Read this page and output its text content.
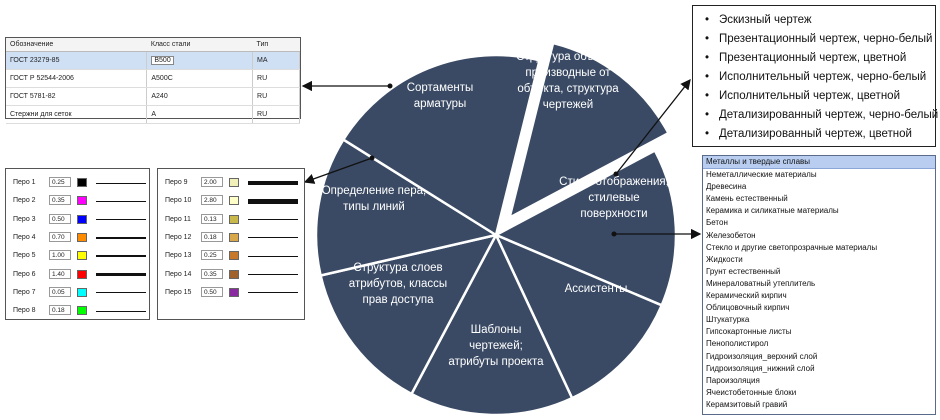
Структура объекта, производные от объекта, структура чертежей
Стили отображения, стилевые поверхности
Ассистенты
Шаблоны чертежей; атрибуты проекта
Структура слоев атрибутов, классы прав доступа
Определение пера, типы линий
Сортаменты арматуры
Обозначение	Класс стали	Тип
ГОСТ 23279-85	B500	MA
ГОСТ Р 52544-2006	A500C	RU
ГОСТ 5781-82	A240	RU
Стержни для сеток	A	RU
Перо 1	0.25
Перо 2	0.35
Перо 3	0.50
Перо 4	0.70
Перо 5	1.00
Перо 6	1.40
Перо 7	0.05
Перо 8	0.18
Перо 9	2.00
Перо 10	2.80
Перо 11	0.13
Перо 12	0.18
Перо 13	0.25
Перо 14	0.35
Перо 15	0.50
• Эскизный чертеж
• Презентационный чертеж, черно-белый
• Презентационный чертеж, цветной
• Исполнительный чертеж, черно-белый
• Исполнительный чертеж, цветной
• Детализированный чертеж, черно-белый
• Детализированный чертеж, цветной
Металлы и твердые сплавы
Неметаллические материалы
Древесина
Камень естественный
Керамика и силикатные материалы
Бетон
Железобетон
Стекло и другие светопрозрачные материалы
Жидкости
Грунт естественный
Минераловатный утеплитель
Керамический кирпич
Облицовочный кирпич
Штукатурка
Гипсокартонные листы
Пенополистирол
Гидроизоляция_верхний слой
Гидроизоляция_нижний слой
Пароизоляция
Ячеистобетонные блоки
Керамзитовый гравий
